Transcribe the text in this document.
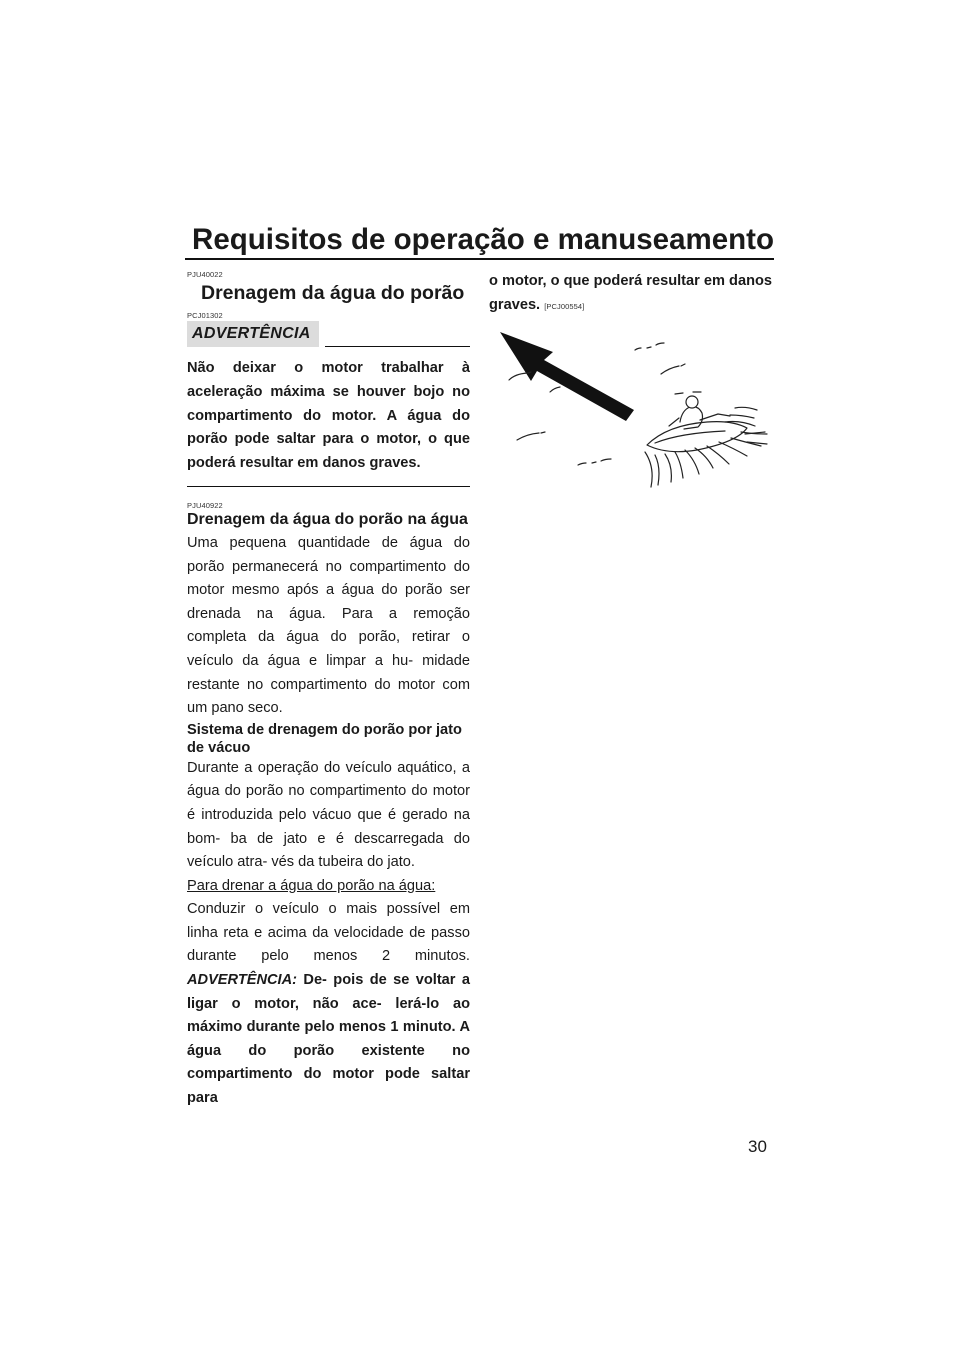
Requisitos de operação e manuseamento
PJU40022
Drenagem da água do porão
PCJ01302
ADVERTÊNCIA

Não deixar o motor trabalhar à aceleração máxima se houver bojo no compartimento do motor. A água do porão pode saltar para o motor, o que poderá resultar em danos graves.

PJU40922
Drenagem da água do porão na água

Uma pequena quantidade de água do porão permanecerá no compartimento do motor mesmo após a água do porão ser drenada na água. Para a remoção completa da água do porão, retirar o veículo da água e limpar a hu- midade restante no compartimento do motor com um pano seco.

Sistema de drenagem do porão por jato de vácuo

Durante a operação do veículo aquático, a água do porão no compartimento do motor é introduzida pelo vácuo que é gerado na bom- ba de jato e é descarregada do veículo atra- vés da tubeira do jato.

Para drenar a água do porão na água:

Conduzir o veículo o mais possível em linha reta e acima da velocidade de passo durante pelo menos 2 minutos. ADVERTÊNCIA: De- pois de se voltar a ligar o motor, não ace- lerá-lo ao máximo durante pelo menos 1 minuto. A água do porão existente no compartimento do motor pode saltar para

o motor, o que poderá resultar em danos graves. [PCJ00554]

30
